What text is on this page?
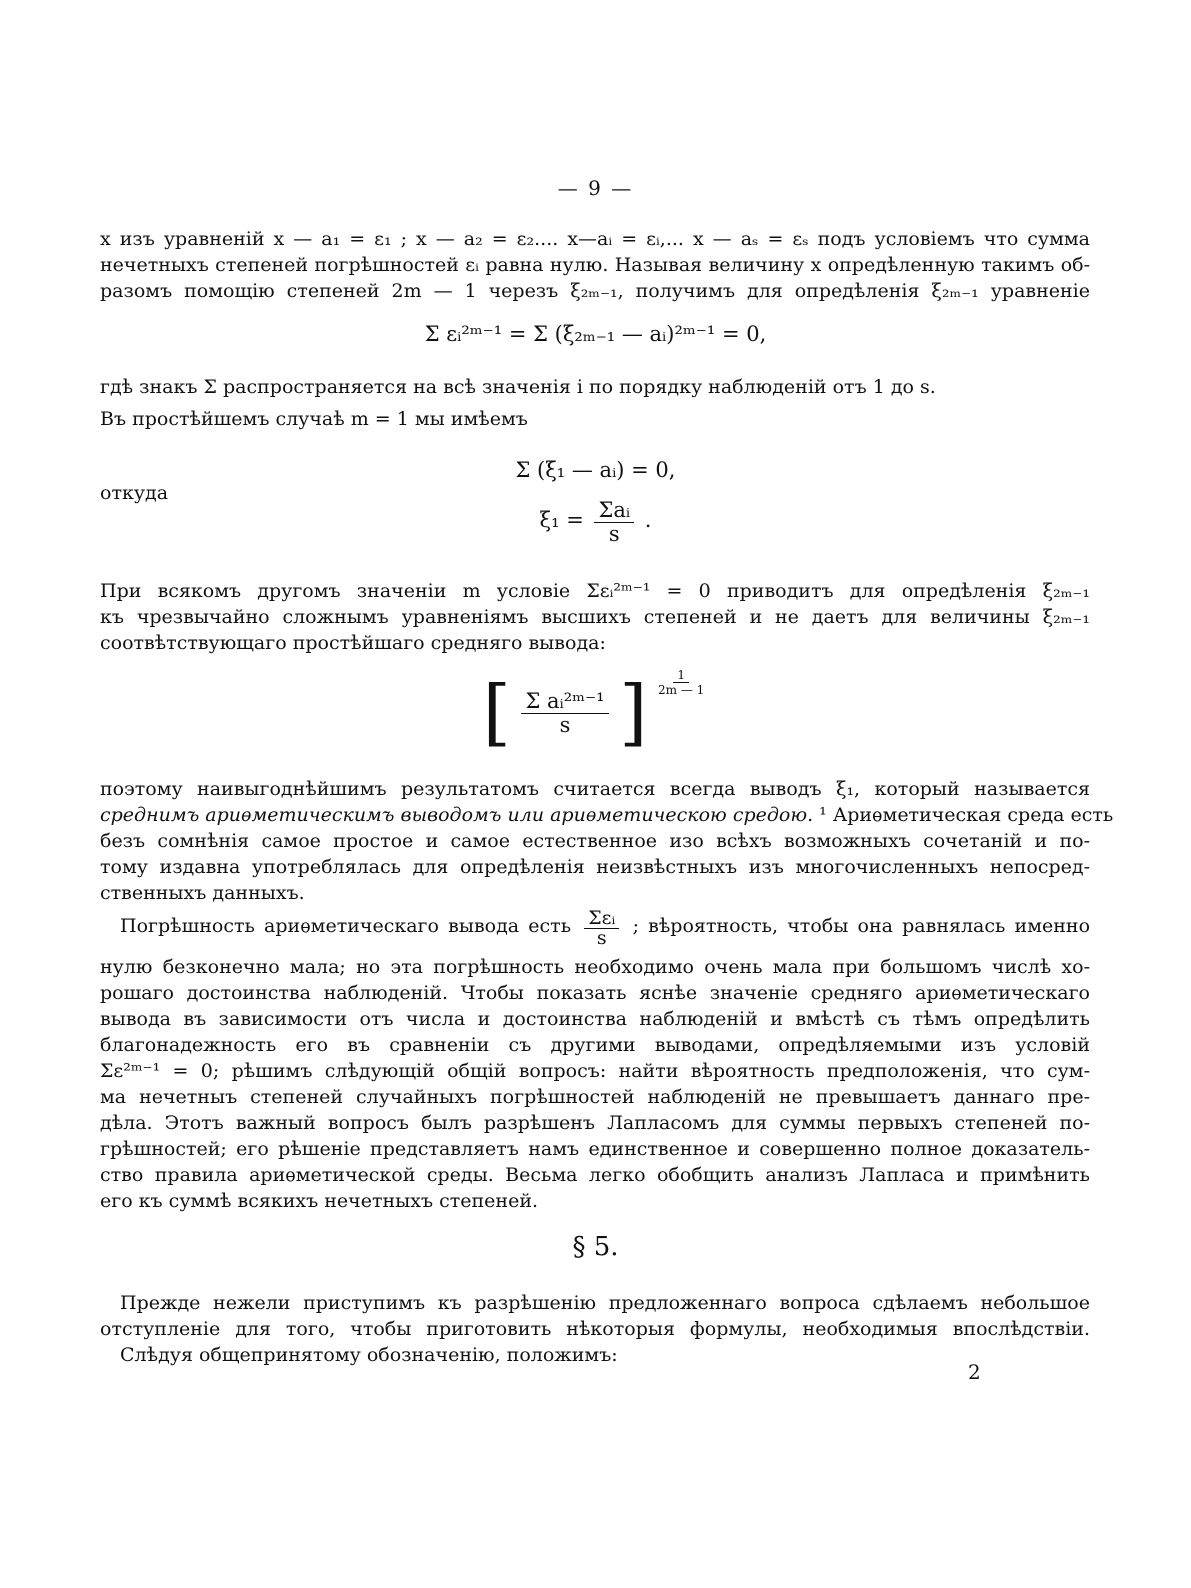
— 9 —
x изъ уравненій x — a₁ = ε₁ ; x — a₂ = ε₂.... x—aᵢ = εᵢ,... x — aₛ = εₛ подъ условіемъ что сумма
нечетныхъ степеней погрѣшностей εᵢ равна нулю. Называя величину x опредѣленную такимъ об-
разомъ помощію степеней 2m — 1 черезъ ξ₂ₘ₋₁, получимъ для опредѣленія ξ₂ₘ₋₁ уравненіе
Σ εᵢ²ᵐ⁻¹ = Σ (ξ₂ₘ₋₁ — aᵢ)²ᵐ⁻¹ = 0,
гдѣ знакъ Σ распространяется на всѣ значенія i по порядку наблюденій отъ 1 до s.
Въ простѣйшемъ случаѣ m = 1 мы имѣемъ
Σ (ξ₁ — aᵢ) = 0,
откуда
$\xi_1 = \frac{\text{Σaᵢ}}{s}$ .
При всякомъ другомъ значеніи m условіе Σεᵢ²ᵐ⁻¹ = 0 приводитъ для опредѣленія ξ₂ₘ₋₁
къ чрезвычайно сложнымъ уравненіямъ высшихъ степеней и не даетъ для величины ξ₂ₘ₋₁
соотвѣтствующаго простѣйшаго средняго вывода:
[ $\frac{\text{Σ aᵢ²ᵐ⁻¹}}{s}$ ] $\frac{1}{2m — 1}$
поэтому наивыгоднѣйшимъ результатомъ считается всегда выводъ ξ₁, который называется
среднимъ ариѳметическимъ выводомъ или ариѳметическою средою. ¹ Ариѳметическая среда есть
безъ сомнѣнія самое простое и самое естественное изо всѣхъ возможныхъ сочетаній и по-
тому издавна употреблялась для опредѣленія неизвѣстныхъ изъ многочисленныхъ непосред-
ственныхъ данныхъ.
Погрѣшность ариѳметическаго вывода есть $\frac{\text{Σεᵢ}}{s}$ ; вѣроятность, чтобы она равнялась именно
нулю безконечно мала; но эта погрѣшность необходимо очень мала при большомъ числѣ хо-
рошаго достоинства наблюденій. Чтобы показать яснѣе значеніе средняго ариѳметическаго
вывода въ зависимости отъ числа и достоинства наблюденій и вмѣстѣ съ тѣмъ опредѣлить
благонадежность его въ сравненіи съ другими выводами, опредѣляемыми изъ условій
Σε²ᵐ⁻¹ = 0; рѣшимъ слѣдующій общій вопросъ: найти вѣроятность предположенія, что сум-
ма нечетныъ степеней случайныхъ погрѣшностей наблюденій не превышаетъ даннаго пре-
дѣла. Этотъ важный вопросъ былъ разрѣшенъ Лапласомъ для суммы первыхъ степеней по-
грѣшностей; его рѣшеніе представляетъ намъ единственное и совершенно полное доказатель-
ство правила ариѳметической среды. Весьма легко обобщить анализъ Лапласа и примѣнить
его къ суммѣ всякихъ нечетныхъ степеней.
§ 5.
Прежде нежели приступимъ къ разрѣшенію предложеннаго вопроса сдѣлаемъ небольшое
отступленіе для того, чтобы приготовить нѣкоторыя формулы, необходимыя впослѣдствіи.
Слѣдуя общепринятому обозначенію, положимъ:
2
